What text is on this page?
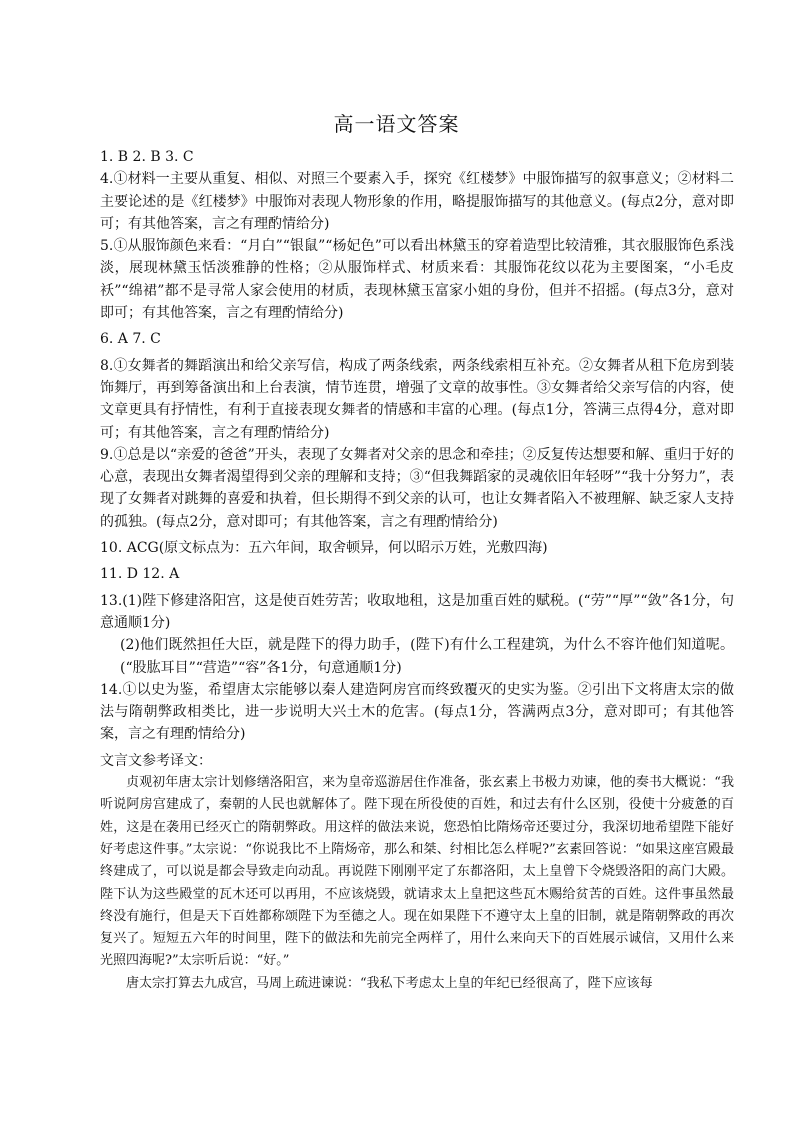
高一语文答案

1. B 2. B 3. C

4.①材料一主要从重复、相似、对照三个要素入手，探究《红楼梦》中服饰描写的叙事意义；②材料二主要论述的是《红楼梦》中服饰对表现人物形象的作用，略提服饰描写的其他意义。(每点2分，意对即可；有其他答案，言之有理酌情给分)

5.①从服饰颜色来看：“月白”“银鼠”“杨妃色”可以看出林黛玉的穿着造型比较清雅，其衣服服饰色系浅淡，展现林黛玉恬淡雅静的性格；②从服饰样式、材质来看：其服饰花纹以花为主要图案，“小毛皮袄”“绵裙”都不是寻常人家会使用的材质，表现林黛玉富家小姐的身份，但并不招摇。(每点3分，意对即可；有其他答案，言之有理酌情给分)

6. A 7. C

8.①女舞者的舞蹈演出和给父亲写信，构成了两条线索，两条线索相互补充。②女舞者从租下危房到装饰舞厅，再到筹备演出和上台表演，情节连贯，增强了文章的故事性。③女舞者给父亲写信的内容，使文章更具有抒情性，有利于直接表现女舞者的情感和丰富的心理。(每点1分，答满三点得4分，意对即可；有其他答案，言之有理酌情给分)

9.①总是以“亲爱的爸爸”开头，表现了女舞者对父亲的思念和牵挂；②反复传达想要和解、重归于好的心意，表现出女舞者渴望得到父亲的理解和支持；③“但我舞蹈家的灵魂依旧年轻呀”“我十分努力”，表现了女舞者对跳舞的喜爱和执着，但长期得不到父亲的认可，也让女舞者陷入不被理解、缺乏家人支持的孤独。(每点2分，意对即可；有其他答案，言之有理酌情给分)

10. ACG(原文标点为：五六年间，取舍顿异，何以昭示万姓，光敷四海)

11. D 12. A

13.(1)陛下修建洛阳宫，这是使百姓劳苦；收取地租，这是加重百姓的赋税。(“劳”“厚”“敛”各1分，句意通顺1分)

(2)他们既然担任大臣，就是陛下的得力助手，(陛下)有什么工程建筑，为什么不容许他们知道呢。(“股肱耳目”“营造”“容”各1分，句意通顺1分)

14.①以史为鉴，希望唐太宗能够以秦人建造阿房宫而终致覆灭的史实为鉴。②引出下文将唐太宗的做法与隋朝弊政相类比，进一步说明大兴土木的危害。(每点1分，答满两点3分，意对即可；有其他答案，言之有理酌情给分)

文言文参考译文：

贞观初年唐太宗计划修缮洛阳宫，来为皇帝巡游居住作准备，张玄素上书极力劝谏，他的奏书大概说：“我听说阿房宫建成了，秦朝的人民也就解体了。陛下现在所役使的百姓，和过去有什么区别，役使十分疲惫的百姓，这是在袭用已经灭亡的隋朝弊政。用这样的做法来说，您恐怕比隋炀帝还要过分，我深切地希望陛下能好好考虑这件事。”太宗说：“你说我比不上隋炀帝，那么和桀、纣相比怎么样呢?”玄素回答说：“如果这座宫殿最终建成了，可以说是都会导致走向动乱。再说陛下刚刚平定了东都洛阳，太上皇曾下令烧毁洛阳的高门大殿。陛下认为这些殿堂的瓦木还可以再用，不应该烧毁，就请求太上皇把这些瓦木赐给贫苦的百姓。这件事虽然最终没有施行，但是天下百姓都称颂陛下为至德之人。现在如果陛下不遵守太上皇的旧制，就是隋朝弊政的再次复兴了。短短五六年的时间里，陛下的做法和先前完全两样了，用什么来向天下的百姓展示诚信，又用什么来光照四海呢?”太宗听后说：“好。”

唐太宗打算去九成宫，马周上疏进谏说：“我私下考虑太上皇的年纪已经很高了，陛下应该每
